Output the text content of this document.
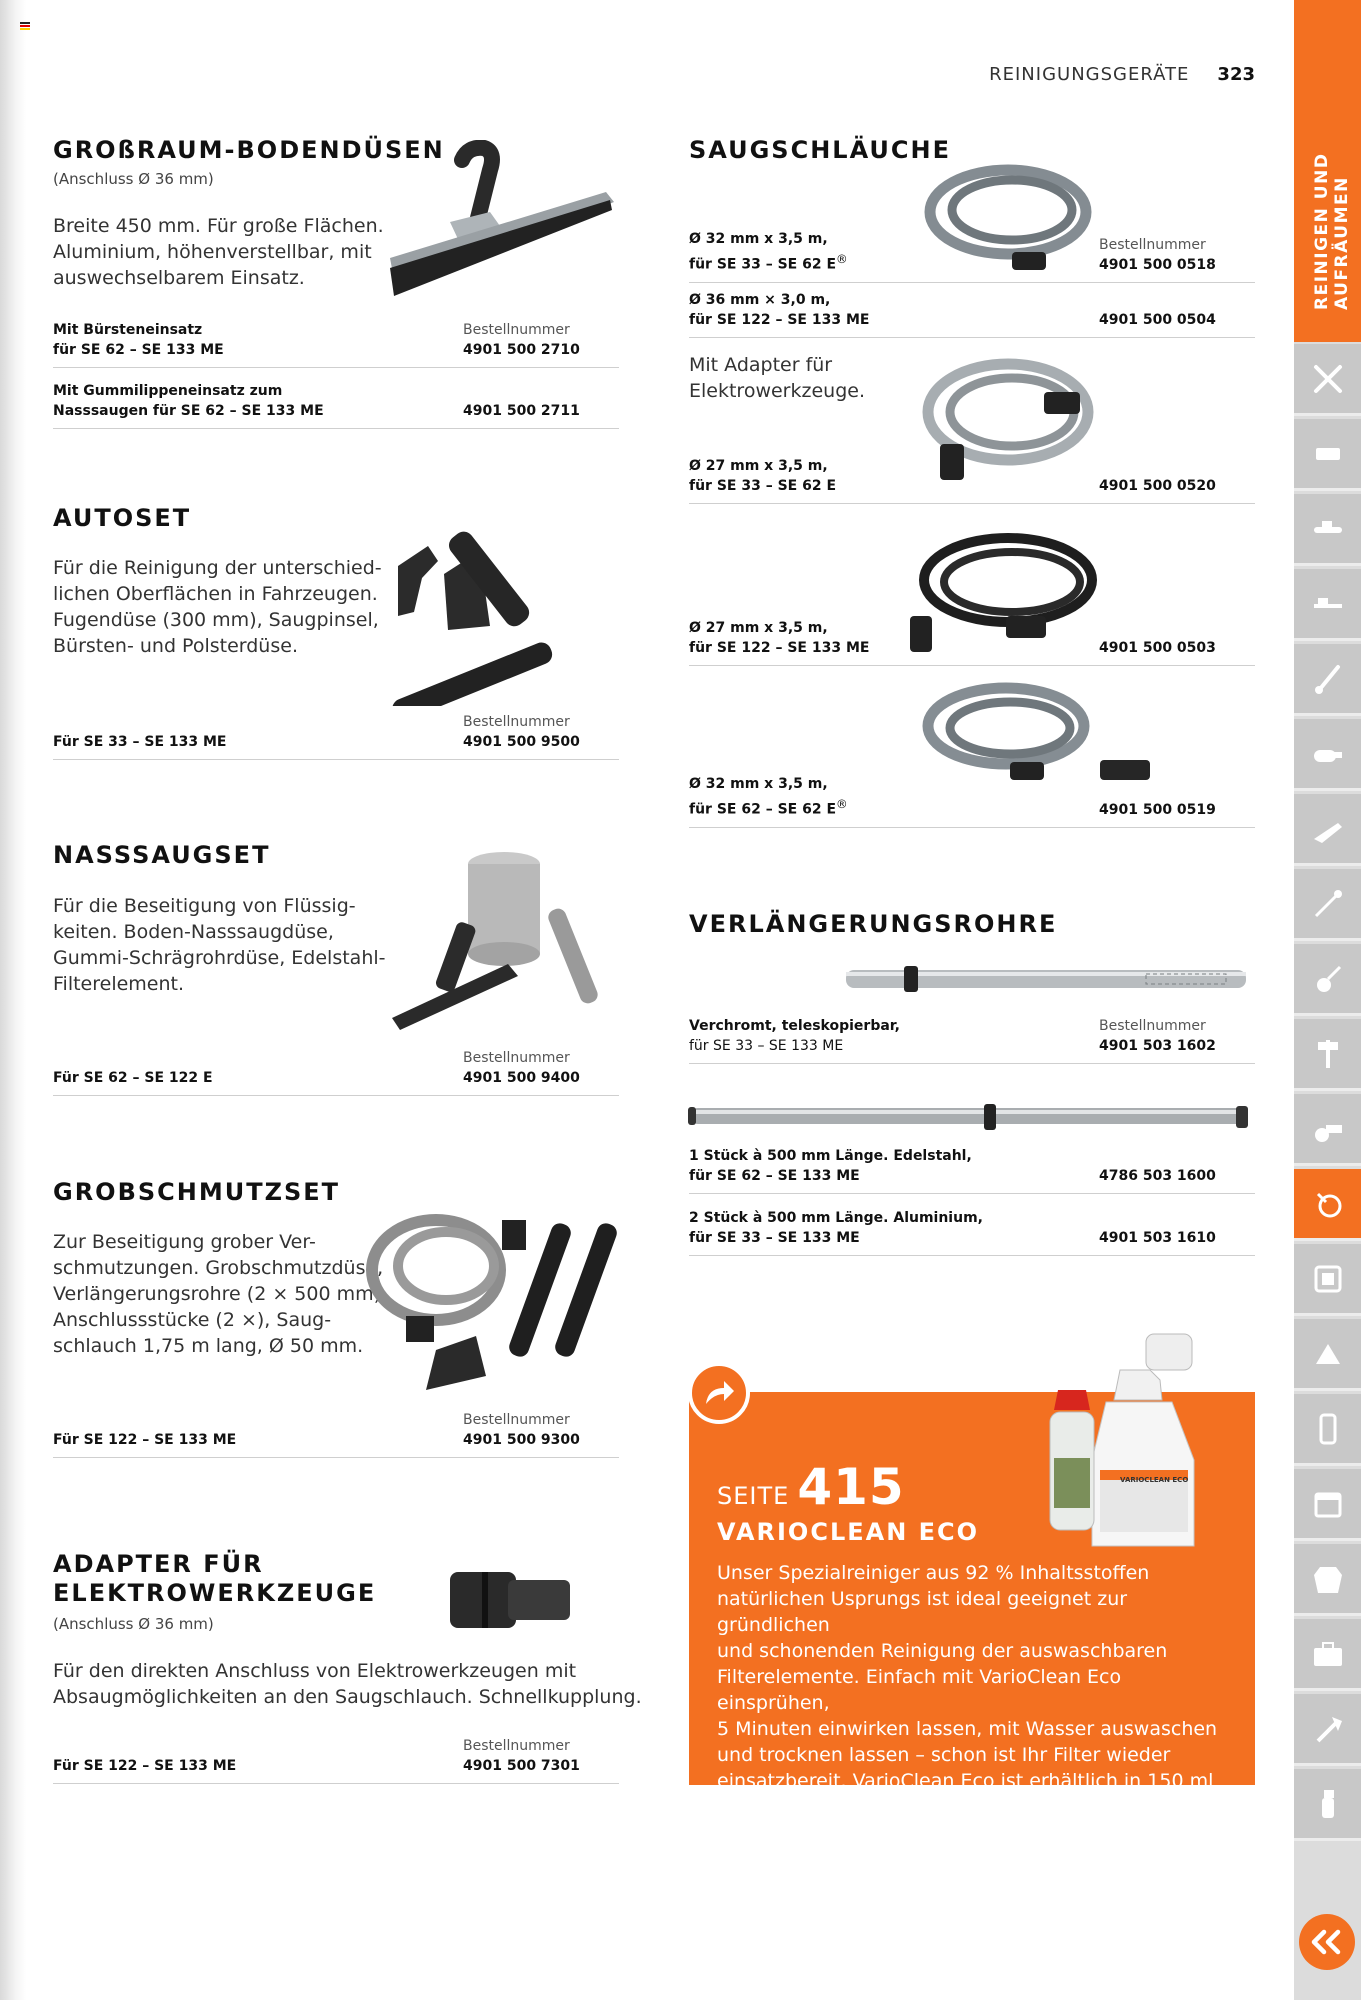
REINIGUNGSGERÄTE 323
GROßRAUM-BODENDÜSEN
(Anschluss Ø 36 mm)
Breite 450 mm. Für große Flächen.
Aluminium, höhenverstellbar, mit
auswechselbarem Einsatz.
Mit Bürsteneinsatz
für SE 62 – SE 133 ME
Bestellnummer
4901 500 2710
Mit Gummilippeneinsatz zum
Nasssaugen für SE 62 – SE 133 ME	4901 500 2711
AUTOSET
Für die Reinigung der unterschied-
lichen Oberflächen in Fahrzeugen.
Fugendüse (300 mm), Saugpinsel,
Bürsten- und Polsterdüse.
Für SE 33 – SE 133 ME
Bestellnummer
4901 500 9500
NASSSAUGSET
Für die Beseitigung von Flüssig-
keiten. Boden-Nasssaugdüse,
Gummi-Schrägrohrdüse, Edelstahl-
Filterelement.
Für SE 62 – SE 122 E
Bestellnummer
4901 500 9400
GROBSCHMUTZSET
Zur Beseitigung grober Ver-
schmutzungen. Grobschmutzdüse,
Verlängerungsrohre (2 × 500 mm),
Anschlussstücke (2 ×), Saug-
schlauch 1,75 m lang, Ø 50 mm.
Für SE 122 – SE 133 ME
Bestellnummer
4901 500 9300
ADAPTER FÜR
ELEKTROWERKZEUGE
(Anschluss Ø 36 mm)
Für den direkten Anschluss von Elektrowerkzeugen mit
Absaugmöglichkeiten an den Saugschlauch. Schnellkupplung.
Für SE 122 – SE 133 ME
Bestellnummer
4901 500 7301
SAUGSCHLÄUCHE
Ø 32 mm x 3,5 m,
für SE 33 – SE 62 E®
Bestellnummer
4901 500 0518
Ø 36 mm × 3,0 m,
für SE 122 – SE 133 ME	4901 500 0504
Mit Adapter für
Elektrowerkzeuge.
Ø 27 mm x 3,5 m,
für SE 33 – SE 62 E	4901 500 0520
Ø 27 mm x 3,5 m,
für SE 122 – SE 133 ME	4901 500 0503
Ø 32 mm x 3,5 m,
für SE 62 – SE 62 E®	4901 500 0519
VERLÄNGERUNGSROHRE
Verchromt, teleskopierbar,
für SE 33 – SE 133 ME
Bestellnummer
4901 503 1602
1 Stück à 500 mm Länge. Edelstahl,
für SE 62 – SE 133 ME	4786 503 1600
2 Stück à 500 mm Länge. Aluminium,
für SE 33 – SE 133 ME	4901 503 1610
SEITE 415
VARIOCLEAN ECO
Unser Spezialreiniger aus 92 % Inhaltsstoffen
natürlichen Usprungs ist ideal geeignet zur gründlichen
und schonenden Reinigung der auswaschbaren
Filterelemente. Einfach mit VarioClean Eco einsprühen,
5 Minuten einwirken lassen, mit Wasser auswaschen
und trocknen lassen – schon ist Ihr Filter wieder
einsatzbereit. VarioClean Eco ist erhältlich in 150 ml
und 500 ml.
VARIOCLEAN ECO
REINIGEN UND AUFRÄUMEN
